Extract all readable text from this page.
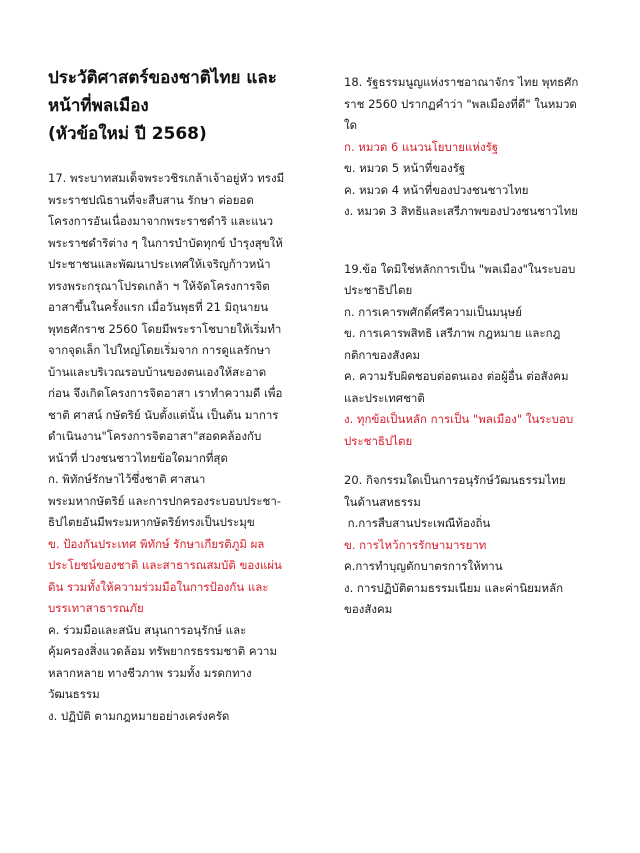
ประวัติศาสตร์ของชาติไทย และ
หน้าที่พลเมือง
(หัวข้อใหม่ ปี 2568)
17. พระบาทสมเด็จพระวชิรเกล้าเจ้าอยู่หัว ทรงมี
พระราชปณิธานที่จะสืบสาน รักษา ต่อยอด
โครงการอันเนื่องมาจากพระราชดำริ และแนว
พระราชดำริต่าง ๆ ในการบำบัดทุกข์ บำรุงสุขให้
ประชาชนและพัฒนาประเทศให้เจริญก้าวหน้า
ทรงพระกรุณาโปรดเกล้า ฯ ให้จัดโครงการจิต
อาสาขึ้นในครั้งแรก เมื่อวันพุธที่ 21 มิถุนายน
พุทธศักราช 2560 โดยมีพระราโชบายให้เริ่มทำ
จากจุดเล็ก ไปใหญ่โดยเริ่มจาก การดูแลรักษา
บ้านและบริเวณรอบบ้านของตนเองให้สะอาด
ก่อน จึงเกิดโครงการจิตอาสา เราทำความดี เพื่อ
ชาติ ศาสน์ กษัตริย์ นับตั้งแต่นั้น เป็นต้น มาการ
ดำเนินงาน"โครงการจิตอาสา"สอดคล้องกับ
หน้าที่ ปวงชนชาวไทยข้อใดมากที่สุด
ก. พิทักษ์รักษาไว้ซึ่งชาติ ศาสนา
พระมหากษัตริย์ และการปกครองระบอบประชา-
ธิปไตยอันมีพระมหากษัตริย์ทรงเป็นประมุข
ข. ป้องกันประเทศ พิทักษ์ รักษาเกียรติภูมิ ผล
ประโยชน์ของชาติ และสาธารณสมบัติ ของแผ่น
ดิน รวมทั้งให้ความร่วมมือในการป้องกัน และ
บรรเทาสาธารณภัย
ค. ร่วมมือและสนับ สนุนการอนุรักษ์ และ
คุ้มครองสิ่งแวดล้อม ทรัพยากรธรรมชาติ ความ
หลากหลาย ทางชีวภาพ รวมทั้ง มรดกทาง
วัฒนธรรม
ง. ปฏิบัติ ตามกฎหมายอย่างเคร่งครัด
18. รัฐธรรมนูญแห่งราชอาณาจักร ไทย พุทธศัก
ราช 2560 ปรากฏคำว่า "พลเมืองที่ดี" ในหมวด
ใด
ก. หมวด 6 แนวนโยบายแห่งรัฐ
ข. หมวด 5 หน้าที่ของรัฐ
ค. หมวด 4 หน้าที่ของปวงชนชาวไทย
ง. หมวด 3 สิทธิและเสรีภาพของปวงชนชาวไทย
19.ข้อ ใดมิใช่หลักการเป็น "พลเมือง"ในระบอบ
ประชาธิปไตย
ก. การเคารพศักดิ์ศรีความเป็นมนุษย์
ข. การเคารพสิทธิ เสรีภาพ กฎหมาย และกฎ
กติกาของสังคม
ค. ความรับผิดชอบต่อตนเอง ต่อผู้อื่น ต่อสังคม
และประเทศชาติ
ง. ทุกข้อเป็นหลัก การเป็น "พลเมือง" ในระบอบ
ประชาธิปไตย
20. กิจกรรมใดเป็นการอนุรักษ์วัฒนธรรมไทย
ในด้านสหธรรม
ก.การสืบสานประเพณีท้องถิ่น
ข. การไหว้การรักษามารยาท
ค.การทำบุญตักบาตรการให้ทาน
ง. การปฏิบัติตามธรรมเนียม และค่านิยมหลัก
ของสังคม
